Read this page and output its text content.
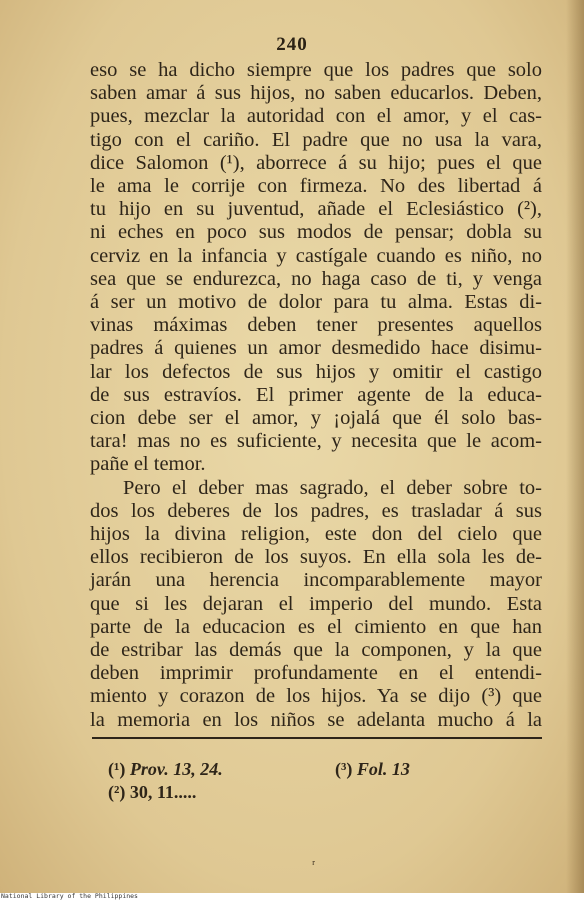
240
eso se ha dicho siempre que los padres que solo
saben amar á sus hijos, no saben educarlos. Deben,
pues, mezclar la autoridad con el amor, y el cas-
tigo con el cariño. El padre que no usa la vara,
dice Salomon (¹), aborrece á su hijo; pues el que
le ama le corrije con firmeza. No des libertad á
tu hijo en su juventud, añade el Eclesiástico (²),
ni eches en poco sus modos de pensar; dobla su
cerviz en la infancia y castígale cuando es niño, no
sea que se endurezca, no haga caso de ti, y venga
á ser un motivo de dolor para tu alma. Estas di-
vinas máximas deben tener presentes aquellos
padres á quienes un amor desmedido hace disimu-
lar los defectos de sus hijos y omitir el castigo
de sus estravíos. El primer agente de la educa-
cion debe ser el amor, y ¡ojalá que él solo bas-
tara! mas no es suficiente, y necesita que le acom-
pañe el temor.
Pero el deber mas sagrado, el deber sobre to-
dos los deberes de los padres, es trasladar á sus
hijos la divina religion, este don del cielo que
ellos recibieron de los suyos. En ella sola les de-
jarán una herencia incomparablemente mayor
que si les dejaran el imperio del mundo. Esta
parte de la educacion es el cimiento en que han
de estribar las demás que la componen, y la que
deben imprimir profundamente en el entendi-
miento y corazon de los hijos. Ya se dijo (³) que
la memoria en los niños se adelanta mucho á la
(¹) Prov. 13, 24.
(²) 30, 11.....
(³) Fol. 13
ʳ
National Library of the Philippines
